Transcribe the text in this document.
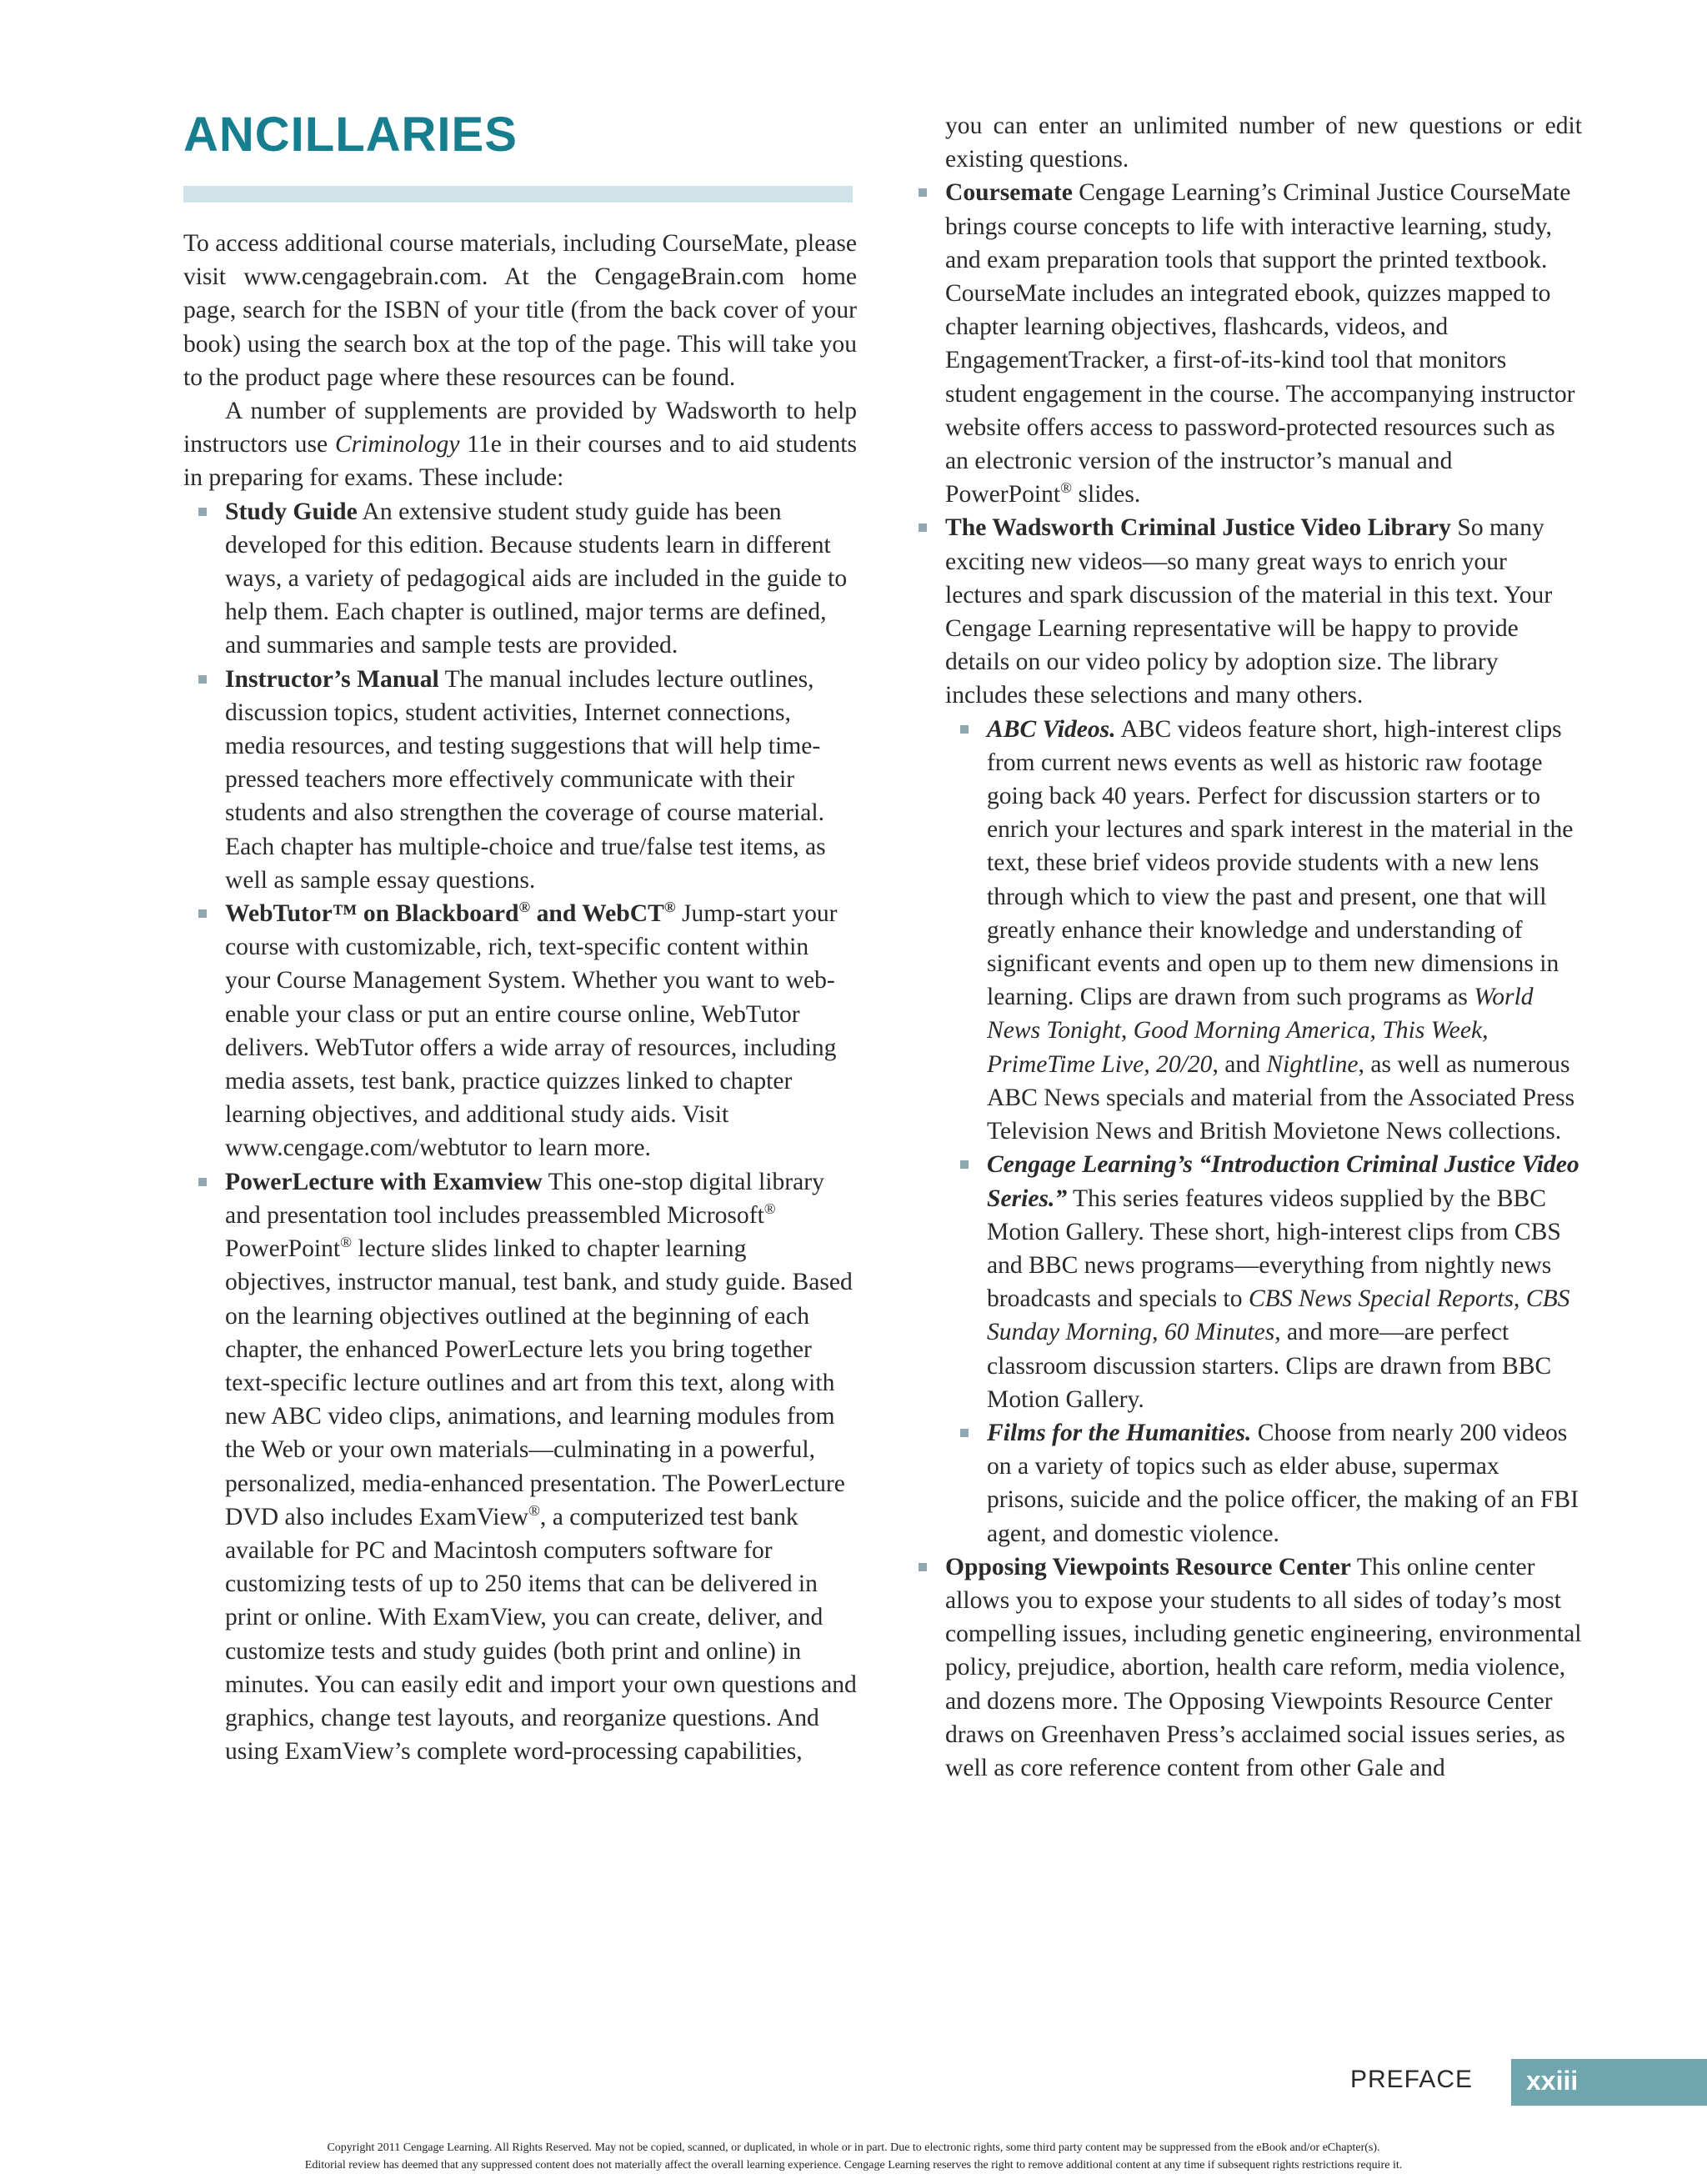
ANCILLARIES

To access additional course materials, including CourseMate, please visit www.cengagebrain.com. At the CengageBrain.com home page, search for the ISBN of your title (from the back cover of your book) using the search box at the top of the page. This will take you to the product page where these resources can be found.

A number of supplements are provided by Wadsworth to help instructors use Criminology 11e in their courses and to aid students in preparing for exams. These include:

Study Guide An extensive student study guide has been developed for this edition. Because students learn in different ways, a variety of pedagogical aids are included in the guide to help them. Each chapter is outlined, major terms are defined, and summaries and sample tests are provided.
Instructor’s Manual The manual includes lecture outlines, discussion topics, student activities, Internet connections, media resources, and testing suggestions that will help time-pressed teachers more effectively communicate with their students and also strengthen the coverage of course material. Each chapter has multiple-choice and true/false test items, as well as sample essay questions.
WebTutor™ on Blackboard® and WebCT® Jump-start your course with customizable, rich, text-specific content within your Course Management System. Whether you want to web-enable your class or put an entire course online, WebTutor delivers. WebTutor offers a wide array of resources, including media assets, test bank, practice quizzes linked to chapter learning objectives, and additional study aids. Visit www.cengage.com/webtutor to learn more.
PowerLecture with Examview This one-stop digital library and presentation tool includes preassembled Microsoft® PowerPoint® lecture slides linked to chapter learning objectives, instructor manual, test bank, and study guide. Based on the learning objectives outlined at the beginning of each chapter, the enhanced PowerLecture lets you bring together text-specific lecture outlines and art from this text, along with new ABC video clips, animations, and learning modules from the Web or your own materials—culminating in a powerful, personalized, media-enhanced presentation. The PowerLecture DVD also includes ExamView®, a computerized test bank available for PC and Macintosh computers software for customizing tests of up to 250 items that can be delivered in print or online. With ExamView, you can create, deliver, and customize tests and study guides (both print and online) in minutes. You can easily edit and import your own questions and graphics, change test layouts, and reorganize questions. And using ExamView’s complete word-processing capabilities,

you can enter an unlimited number of new questions or edit existing questions.

Coursemate Cengage Learning’s Criminal Justice CourseMate brings course concepts to life with interactive learning, study, and exam preparation tools that support the printed textbook. CourseMate includes an integrated ebook, quizzes mapped to chapter learning objectives, flashcards, videos, and EngagementTracker, a first-of-its-kind tool that monitors student engagement in the course. The accompanying instructor website offers access to password-protected resources such as an electronic version of the instructor’s manual and PowerPoint® slides.
The Wadsworth Criminal Justice Video Library So many exciting new videos—so many great ways to enrich your lectures and spark discussion of the material in this text. Your Cengage Learning representative will be happy to provide details on our video policy by adoption size. The library includes these selections and many others.
ABC Videos. ABC videos feature short, high-interest clips from current news events as well as historic raw footage going back 40 years. Perfect for discussion starters or to enrich your lectures and spark interest in the material in the text, these brief videos provide students with a new lens through which to view the past and present, one that will greatly enhance their knowledge and understanding of significant events and open up to them new dimensions in learning. Clips are drawn from such programs as World News Tonight, Good Morning America, This Week, PrimeTime Live, 20/20, and Nightline, as well as numerous ABC News specials and material from the Associated Press Television News and British Movietone News collections.
Cengage Learning’s “Introduction Criminal Justice Video Series.” This series features videos supplied by the BBC Motion Gallery. These short, high-interest clips from CBS and BBC news programs—everything from nightly news broadcasts and specials to CBS News Special Reports, CBS Sunday Morning, 60 Minutes, and more—are perfect classroom discussion starters. Clips are drawn from BBC Motion Gallery.
Films for the Humanities. Choose from nearly 200 videos on a variety of topics such as elder abuse, supermax prisons, suicide and the police officer, the making of an FBI agent, and domestic violence.
Opposing Viewpoints Resource Center This online center allows you to expose your students to all sides of today’s most compelling issues, including genetic engineering, environmental policy, prejudice, abortion, health care reform, media violence, and dozens more. The Opposing Viewpoints Resource Center draws on Greenhaven Press’s acclaimed social issues series, as well as core reference content from other Gale and
PREFACE xxiii
Copyright 2011 Cengage Learning. All Rights Reserved. May not be copied, scanned, or duplicated, in whole or in part. Due to electronic rights, some third party content may be suppressed from the eBook and/or eChapter(s).
Editorial review has deemed that any suppressed content does not materially affect the overall learning experience. Cengage Learning reserves the right to remove additional content at any time if subsequent rights restrictions require it.
